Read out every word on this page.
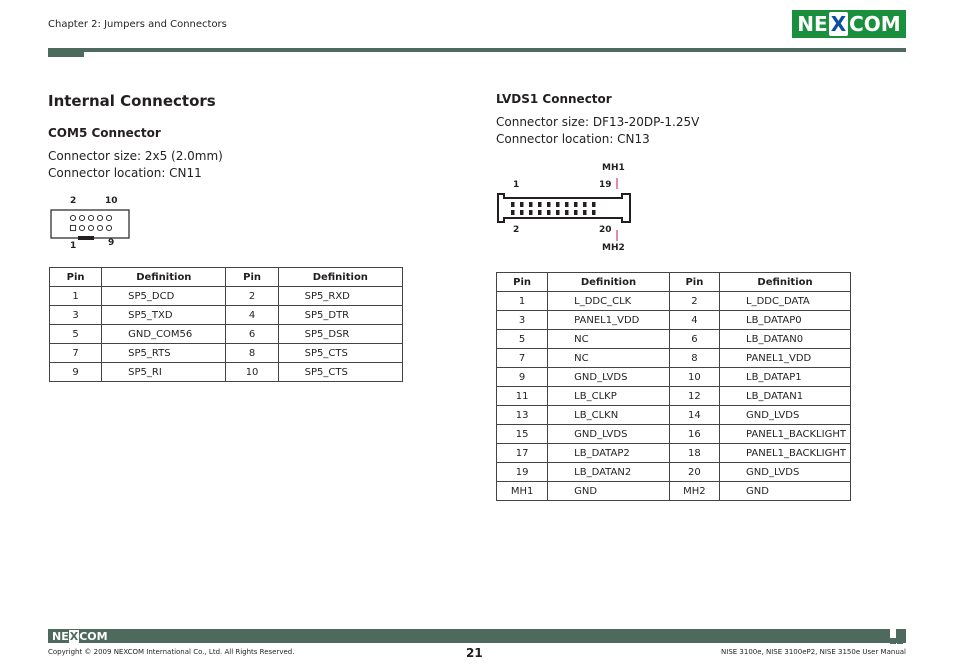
Chapter 2: Jumpers and Connectors	NE X COM
Internal Connectors

COM5 Connector

Connector size: 2x5 (2.0mm)
Connector location: CN11
2	10
1	9
Pin	Definition	Pin	Definition
1	SP5_DCD	2	SP5_RXD
3	SP5_TXD	4	SP5_DTR
5	GND_COM56	6	SP5_DSR
7	SP5_RTS	8	SP5_CTS
9	SP5_RI	10	SP5_CTS

LVDS1 Connector

Connector size: DF13-20DP-1.25V
Connector location: CN13
MH1
1	19
2	20
MH2
Pin	Definition	Pin	Definition
1	L_DDC_CLK	2	L_DDC_DATA
3	PANEL1_VDD	4	LB_DATAP0
5	NC	6	LB_DATAN0
7	NC	8	PANEL1_VDD
9	GND_LVDS	10	LB_DATAP1
11	LB_CLKP	12	LB_DATAN1
13	LB_CLKN	14	GND_LVDS
15	GND_LVDS	16	PANEL1_BACKLIGHT
17	LB_DATAP2	18	PANEL1_BACKLIGHT
19	LB_DATAN2	20	GND_LVDS
MH1	GND	MH2	GND
NEXCOM
Copyright © 2009 NEXCOM International Co., Ltd. All Rights Reserved.	21	NISE 3100e, NISE 3100eP2, NISE 3150e User Manual
